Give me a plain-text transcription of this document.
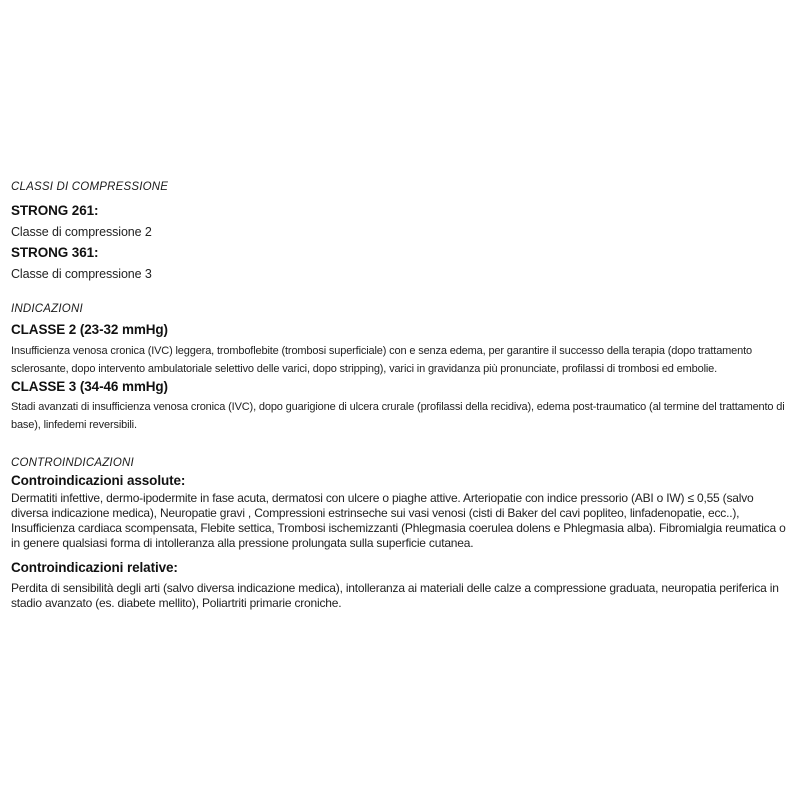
CLASSI DI COMPRESSIONE
STRONG 261:
Classe di compressione 2
STRONG 361:
Classe di compressione 3
INDICAZIONI
CLASSE 2 (23-32 mmHg)
Insufficienza venosa cronica (IVC) leggera, tromboflebite (trombosi superficiale) con e senza edema, per garantire il successo della terapia (dopo trattamento sclerosante, dopo intervento ambulatoriale selettivo delle varici, dopo stripping), varici in gravidanza più pronunciate, profilassi di trombosi ed embolie.
CLASSE 3 (34-46 mmHg)
Stadi avanzati di insufficienza venosa cronica (IVC), dopo guarigione di ulcera crurale (profilassi della recidiva), edema post-traumatico (al termine del trattamento di base), linfedemi reversibili.
CONTROINDICAZIONI
Controindicazioni assolute:
Dermatiti infettive, dermo-ipodermite in fase acuta, dermatosi con ulcere o piaghe attive. Arteriopatie con indice pressorio (ABI o IW) ≤ 0,55 (salvo diversa indicazione medica), Neuropatie gravi , Compressioni estrinseche sui vasi venosi (cisti di Baker del cavi popliteo, linfadenopatie, ecc..), Insufficienza cardiaca scompensata, Flebite settica, Trombosi ischemizzanti (Phlegmasia coerulea dolens e Phlegmasia alba). Fibromialgia reumatica o in genere qualsiasi forma di intolleranza alla pressione prolungata sulla superficie cutanea.
Controindicazioni relative:
Perdita di sensibilità degli arti (salvo diversa indicazione medica), intolleranza ai materiali delle calze a compressione graduata, neuropatia periferica in stadio avanzato (es. diabete mellito), Poliartriti primarie croniche.
